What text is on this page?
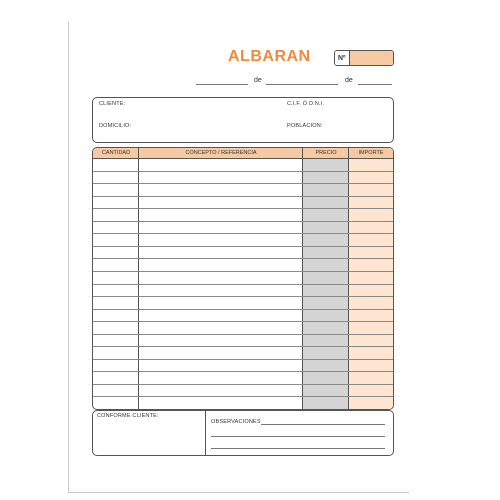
ALBARAN	Nº
de	de
CLIENTE:	C.I.F. Ó D.N.I.
DOMICILIO:	POBLACION:
CANTIDAD	CONCEPTO / REFERENCIA	PRECIO	IMPORTE
CONFORME CLIENTE:
OBSERVACIONES
